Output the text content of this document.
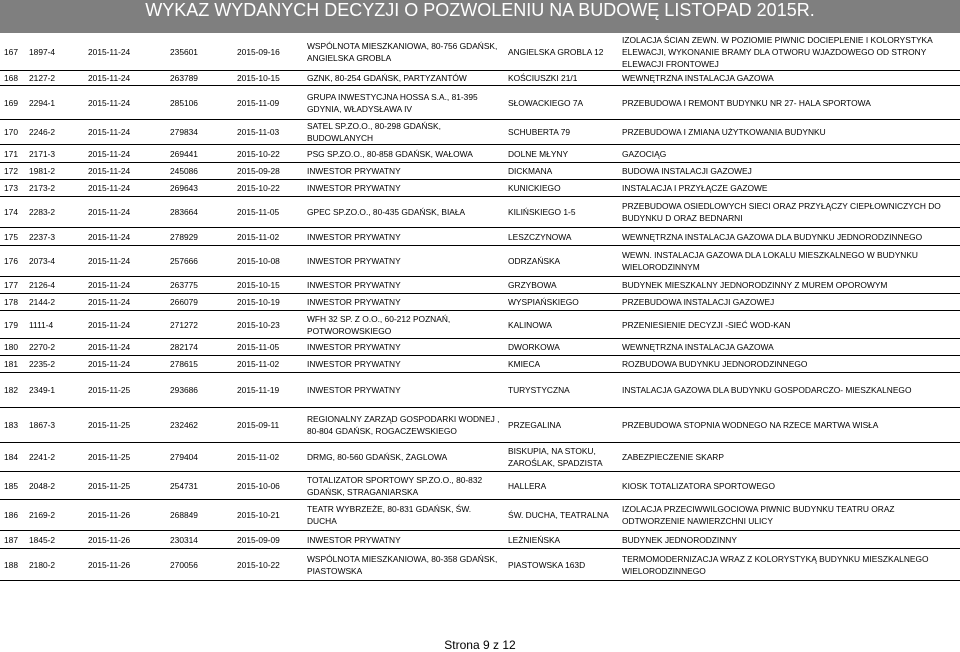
WYKAZ WYDANYCH DECYZJI O POZWOLENIU NA BUDOWĘ LISTOPAD 2015R.
167	1897-4	2015-11-24	235601	2015-09-16	WSPÓLNOTA MIESZKANIOWA, 80-756 GDAŃSK, ANGIELSKA GROBLA	ANGIELSKA GROBLA 12	IZOLACJA ŚCIAN ZEWN. W POZIOMIE PIWNIC DOCIEPLENIE I KOLORYSTYKA ELEWACJI, WYKONANIE BRAMY DLA OTWORU WJAZDOWEGO OD STRONY ELEWACJI FRONTOWEJ
168	2127-2	2015-11-24	263789	2015-10-15	GZNK, 80-254 GDAŃSK, PARTYZANTÓW	KOŚCIUSZKI 21/1	WEWNĘTRZNA INSTALACJA GAZOWA
169	2294-1	2015-11-24	285106	2015-11-09	GRUPA INWESTYCJNA HOSSA S.A., 81-395 GDYNIA, WŁADYSŁAWA IV	SŁOWACKIEGO 7A	PRZEBUDOWA I REMONT BUDYNKU NR 27- HALA SPORTOWA
170	2246-2	2015-11-24	279834	2015-11-03	SATEL SP.ZO.O., 80-298 GDAŃSK, BUDOWLANYCH	SCHUBERTA 79	PRZEBUDOWA I ZMIANA UŻYTKOWANIA BUDYNKU
171	2171-3	2015-11-24	269441	2015-10-22	PSG SP.ZO.O., 80-858 GDAŃSK, WAŁOWA	DOLNE MŁYNY	GAZOCIĄG
172	1981-2	2015-11-24	245086	2015-09-28	INWESTOR PRYWATNY	DICKMANA	BUDOWA INSTALACJI GAZOWEJ
173	2173-2	2015-11-24	269643	2015-10-22	INWESTOR PRYWATNY	KUNICKIEGO	INSTALACJA I PRZYŁĄCZE GAZOWE
174	2283-2	2015-11-24	283664	2015-11-05	GPEC SP.ZO.O., 80-435 GDAŃSK, BIAŁA	KILIŃSKIEGO 1-5	PRZEBUDOWA OSIEDLOWYCH SIECI ORAZ PRZYŁĄCZY CIEPŁOWNICZYCH DO BUDYNKU D ORAZ BEDNARNI
175	2237-3	2015-11-24	278929	2015-11-02	INWESTOR PRYWATNY	LESZCZYNOWA	WEWNĘTRZNA INSTALACJA GAZOWA DLA BUDYNKU JEDNORODZINNEGO
176	2073-4	2015-11-24	257666	2015-10-08	INWESTOR PRYWATNY	ODRZAŃSKA	WEWN. INSTALACJA GAZOWA DLA LOKALU MIESZKALNEGO W BUDYNKU WIELORODZINNYM
177	2126-4	2015-11-24	263775	2015-10-15	INWESTOR PRYWATNY	GRZYBOWA	BUDYNEK MIESZKALNY JEDNORODZINNY Z MUREM OPOROWYM
178	2144-2	2015-11-24	266079	2015-10-19	INWESTOR PRYWATNY	WYSPIAŃSKIEGO	PRZEBUDOWA INSTALACJI GAZOWEJ
179	1111-4	2015-11-24	271272	2015-10-23	WFH 32 SP. Z O.O., 60-212 POZNAŃ, POTWOROWSKIEGO	KALINOWA	PRZENIESIENIE DECYZJI -SIEĆ WOD-KAN
180	2270-2	2015-11-24	282174	2015-11-05	INWESTOR PRYWATNY	DWORKOWA	WEWNĘTRZNA INSTALACJA GAZOWA
181	2235-2	2015-11-24	278615	2015-11-02	INWESTOR PRYWATNY	KMIECA	ROZBUDOWA BUDYNKU JEDNORODZINNEGO
182	2349-1	2015-11-25	293686	2015-11-19	INWESTOR PRYWATNY	TURYSTYCZNA	INSTALACJA GAZOWA DLA BUDYNKU GOSPODARCZO- MIESZKALNEGO
183	1867-3	2015-11-25	232462	2015-09-11	REGIONALNY ZARZĄD GOSPODARKI WODNEJ , 80-804 GDAŃSK, ROGACZEWSKIEGO	PRZEGALINA	PRZEBUDOWA STOPNIA WODNEGO NA RZECE MARTWA WISŁA
184	2241-2	2015-11-25	279404	2015-11-02	DRMG, 80-560 GDAŃSK, ŻAGLOWA	BISKUPIA, NA STOKU, ZAROŚLAK, SPADZISTA	ZABEZPIECZENIE SKARP
185	2048-2	2015-11-25	254731	2015-10-06	TOTALIZATOR SPORTOWY SP.ZO.O., 80-832 GDAŃSK, STRAGANIARSKA	HALLERA	KIOSK TOTALIZATORA SPORTOWEGO
186	2169-2	2015-11-26	268849	2015-10-21	TEATR WYBRZEŻE, 80-831 GDAŃSK, ŚW. DUCHA	ŚW. DUCHA, TEATRALNA	IZOLACJA PRZECIWWILGOCIOWA PIWNIC BUDYNKU TEATRU ORAZ ODTWORZENIE NAWIERZCHNI ULICY
187	1845-2	2015-11-26	230314	2015-09-09	INWESTOR PRYWATNY	LEŻNIEŃSKA	BUDYNEK JEDNORODZINNY
188	2180-2	2015-11-26	270056	2015-10-22	WSPÓLNOTA MIESZKANIOWA, 80-358 GDAŃSK, PIASTOWSKA	PIASTOWSKA 163D	TERMOMODERNIZACJA WRAZ Z KOLORYSTYKĄ BUDYNKU MIESZKALNEGO WIELORODZINNEGO
Strona 9 z 12
